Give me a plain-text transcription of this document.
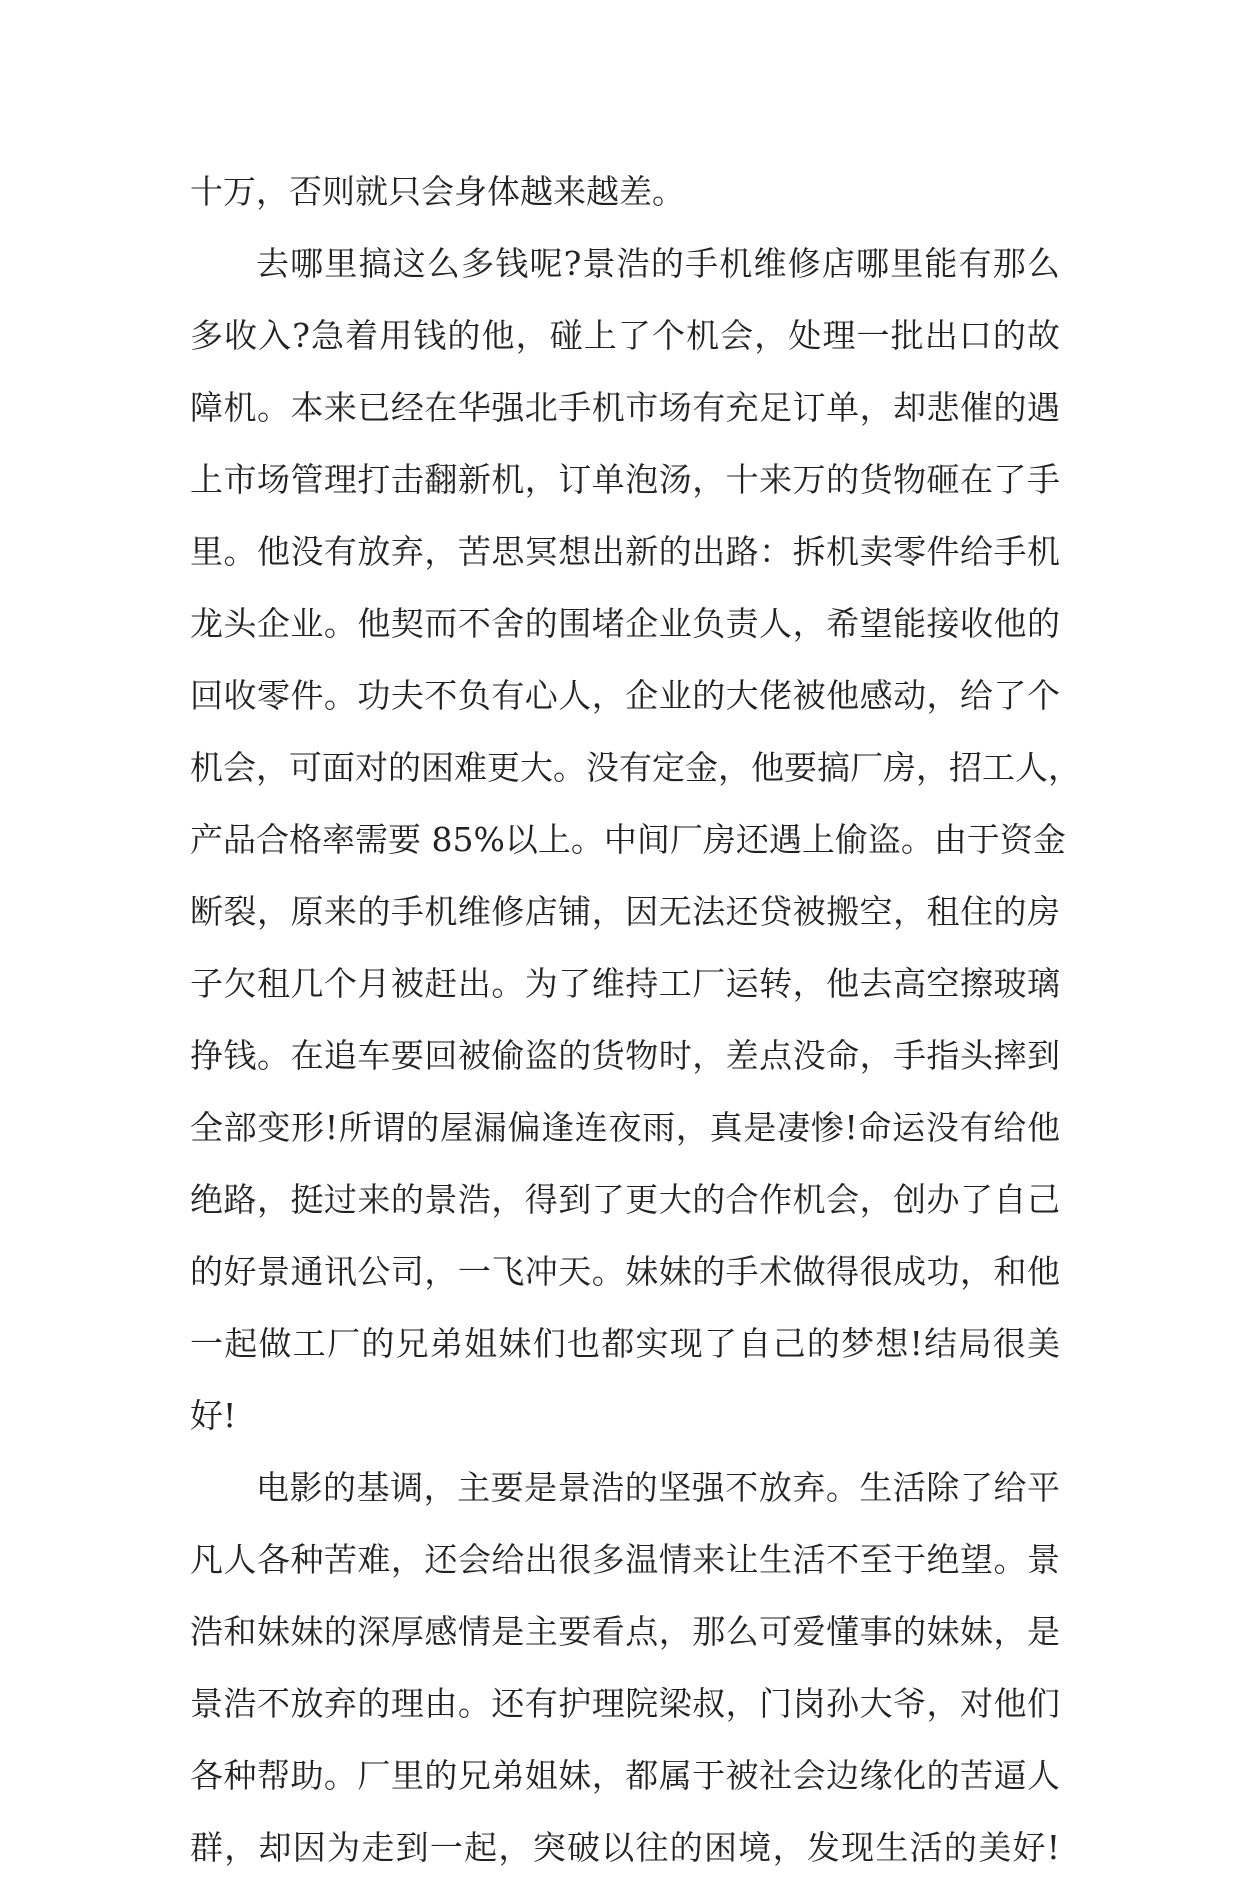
十万，否则就只会身体越来越差。
去哪里搞这么多钱呢?景浩的手机维修店哪里能有那么
多收入?急着用钱的他，碰上了个机会，处理一批出口的故
障机。本来已经在华强北手机市场有充足订单，却悲催的遇
上市场管理打击翻新机，订单泡汤，十来万的货物砸在了手
里。他没有放弃，苦思冥想出新的出路：拆机卖零件给手机
龙头企业。他契而不舍的围堵企业负责人，希望能接收他的
回收零件。功夫不负有心人，企业的大佬被他感动，给了个
机会，可面对的困难更大。没有定金，他要搞厂房，招工人，
产品合格率需要 85%以上。中间厂房还遇上偷盗。由于资金
断裂，原来的手机维修店铺，因无法还贷被搬空，租住的房
子欠租几个月被赶出。为了维持工厂运转，他去高空擦玻璃
挣钱。在追车要回被偷盗的货物时，差点没命，手指头摔到
全部变形!所谓的屋漏偏逢连夜雨，真是凄惨!命运没有给他
绝路，挺过来的景浩，得到了更大的合作机会，创办了自己
的好景通讯公司，一飞冲天。妹妹的手术做得很成功，和他
一起做工厂的兄弟姐妹们也都实现了自己的梦想!结局很美
好!
电影的基调，主要是景浩的坚强不放弃。生活除了给平
凡人各种苦难，还会给出很多温情来让生活不至于绝望。景
浩和妹妹的深厚感情是主要看点，那么可爱懂事的妹妹，是
景浩不放弃的理由。还有护理院梁叔，门岗孙大爷，对他们
各种帮助。厂里的兄弟姐妹，都属于被社会边缘化的苦逼人
群，却因为走到一起，突破以往的困境，发现生活的美好!
